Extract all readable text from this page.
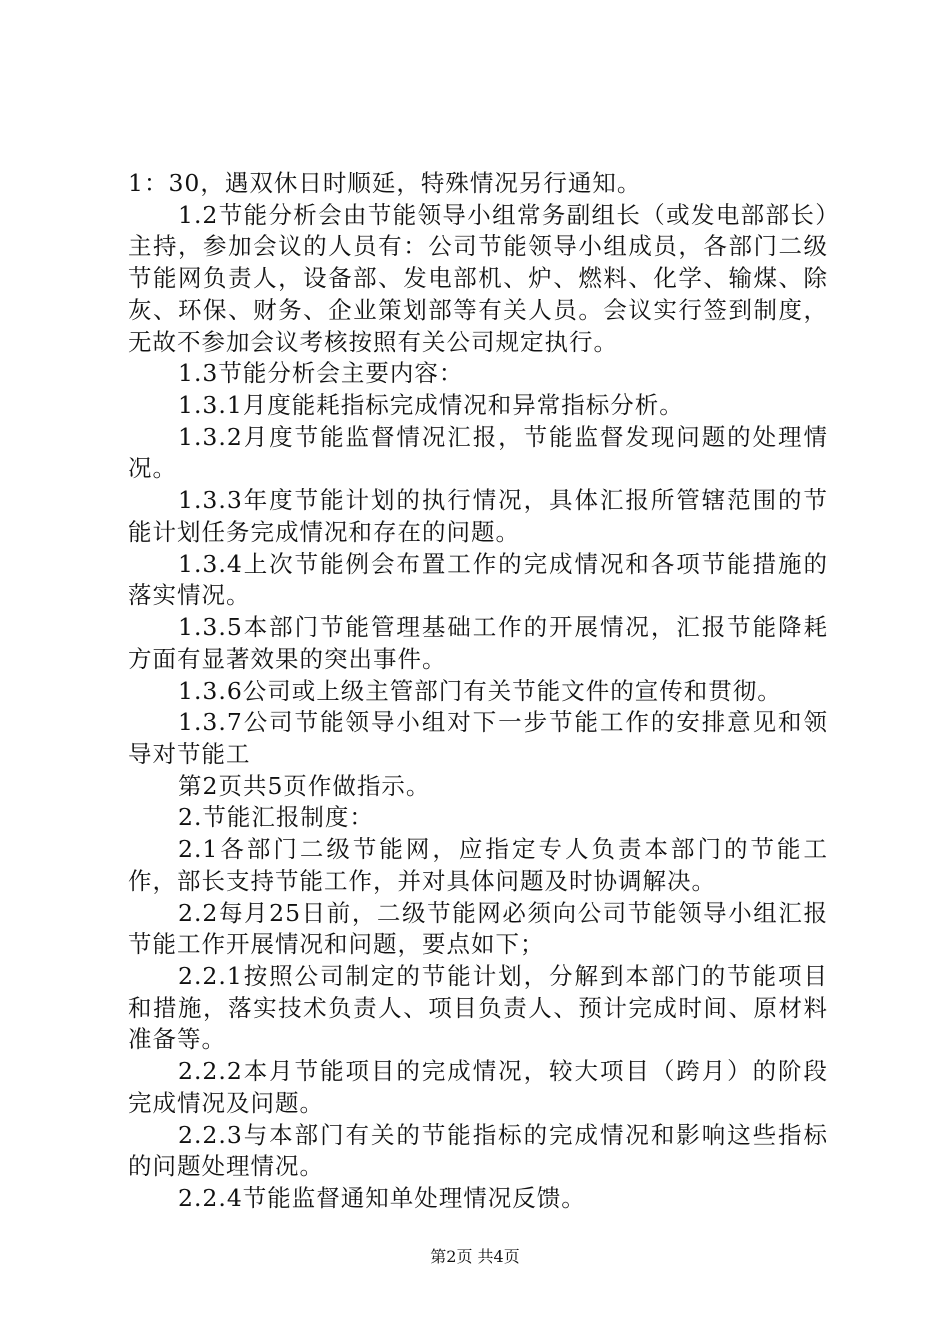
1：30，遇双休日时顺延，特殊情况另行通知。

1.2节能分析会由节能领导小组常务副组长（或发电部部长）主持，参加会议的人员有：公司节能领导小组成员，各部门二级节能网负责人，设备部、发电部机、炉、燃料、化学、输煤、除灰、环保、财务、企业策划部等有关人员。会议实行签到制度，无故不参加会议考核按照有关公司规定执行。

1.3节能分析会主要内容：

1.3.1月度能耗指标完成情况和异常指标分析。

1.3.2月度节能监督情况汇报，节能监督发现问题的处理情况。

1.3.3年度节能计划的执行情况，具体汇报所管辖范围的节能计划任务完成情况和存在的问题。

1.3.4上次节能例会布置工作的完成情况和各项节能措施的落实情况。

1.3.5本部门节能管理基础工作的开展情况，汇报节能降耗方面有显著效果的突出事件。

1.3.6公司或上级主管部门有关节能文件的宣传和贯彻。

1.3.7公司节能领导小组对下一步节能工作的安排意见和领导对节能工

第2页共5页作做指示。

2.节能汇报制度：

2.1各部门二级节能网，应指定专人负责本部门的节能工作，部长支持节能工作，并对具体问题及时协调解决。

2.2每月25日前，二级节能网必须向公司节能领导小组汇报节能工作开展情况和问题，要点如下；

2.2.1按照公司制定的节能计划，分解到本部门的节能项目和措施，落实技术负责人、项目负责人、预计完成时间、原材料准备等。

2.2.2本月节能项目的完成情况，较大项目（跨月）的阶段完成情况及问题。

2.2.3与本部门有关的节能指标的完成情况和影响这些指标的问题处理情况。

2.2.4节能监督通知单处理情况反馈。

第2页 共4页
